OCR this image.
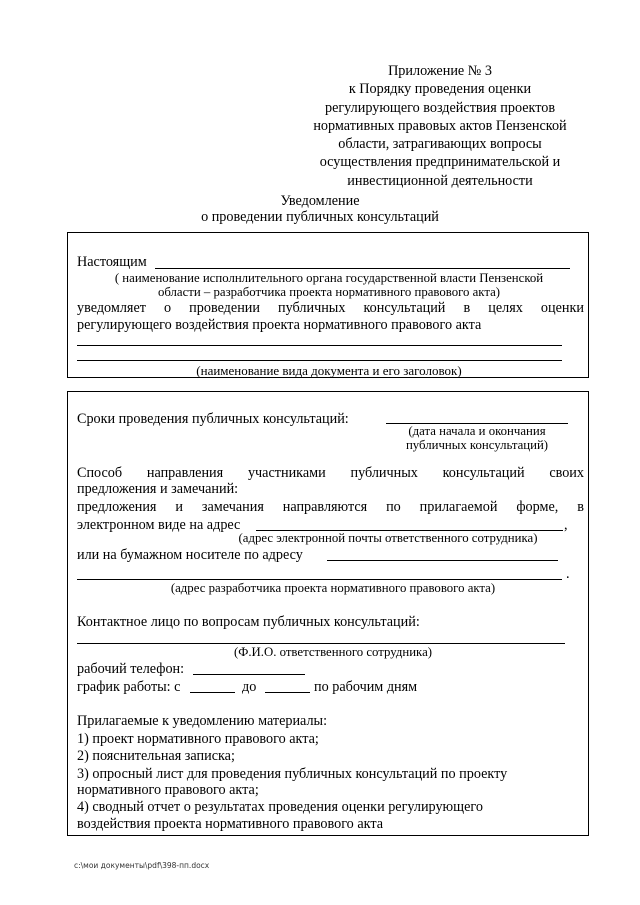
Приложение № 3
к Порядку проведения оценки
регулирующего воздействия проектов
нормативных правовых актов Пензенской
области, затрагивающих вопросы
осуществления предпринимательской и
инвестиционной деятельности
Уведомление
о проведении публичных консультаций
Настоящим
( наименование исполнлительного органа государственной власти Пензенской
области – разработчика проекта нормативного правового акта)
уведомляет о проведении публичных консультаций в целях оценки
регулирующего воздействия проекта нормативного правового акта
(наименование вида документа и его заголовок)
Сроки проведения публичных консультаций:
(дата начала и окончания
публичных консультаций)
Способ направления участниками публичных консультаций своих
предложения и замечаний:
предложения и замечания направляются по прилагаемой форме, в
электронном виде на адрес	,
(адрес электронной почты ответственного сотрудника)
или на бумажном носителе по адресу
.
(адрес разработчика проекта нормативного правового акта)
Контактное лицо по вопросам публичных консультаций:
(Ф.И.О. ответственного сотрудника)
рабочий телефон:
график работы: с	до	по рабочим дням
Прилагаемые к уведомлению материалы:
1) проект нормативного правового акта;
2) пояснительная записка;
3) опросный лист для проведения публичных консультаций по проекту
нормативного правового акта;
4) сводный отчет о результатах проведения оценки регулирующего
воздействия проекта нормативного правового акта
c:\мои документы\pdf\398-пп.docx
